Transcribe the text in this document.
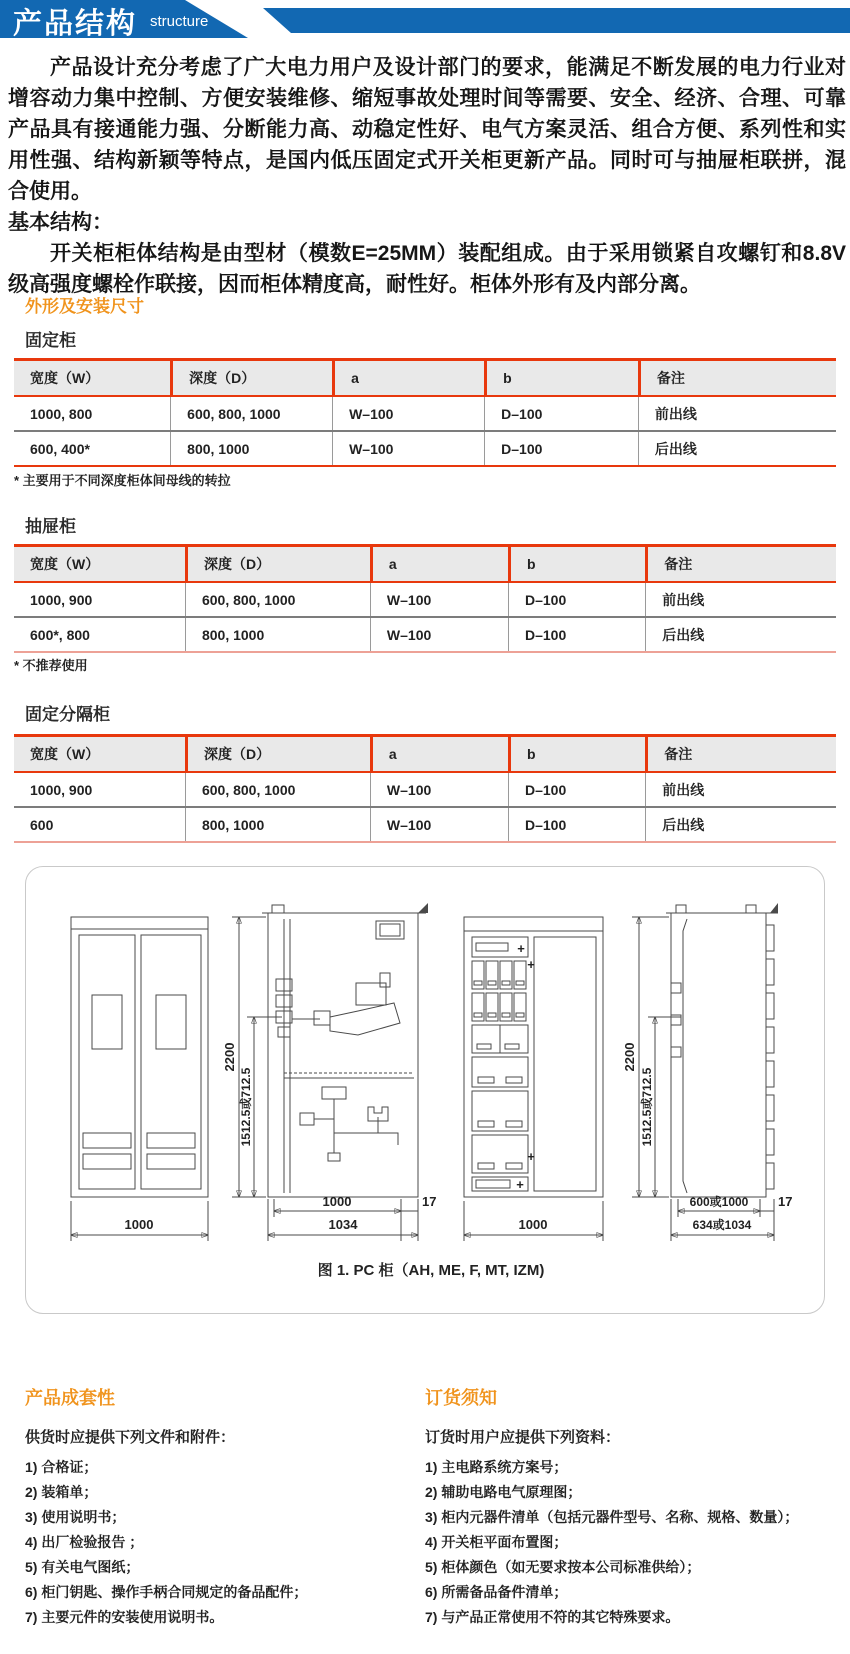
产品结构 structure

产品设计充分考虑了广大电力用户及设计部门的要求，能满足不断发展的电力行业对增容动力集中控制、方便安装维修、缩短事故处理时间等需要、安全、经济、合理、可靠产品具有接通能力强、分断能力高、动稳定性好、电气方案灵活、组合方便、系列性和实用性强、结构新颖等特点，是国内低压固定式开关柜更新产品。同时可与抽屉柜联拼，混合使用。

基本结构：

开关柜柜体结构是由型材（模数E=25MM）装配组成。由于采用锁紧自攻螺钉和8.8V级高强度螺栓作联接，因而柜体精度高，耐性好。柜体外形有及内部分离。

外形及安装尺寸
固定柜
宽度（W）	深度（D）	a	b	备注
1000, 800	600, 800, 1000	W–100	D–100	前出线
600, 400*	800, 1000	W–100	D–100	后出线
* 主要用于不同深度柜体间母线的转拉
抽屉柜
宽度（W）	深度（D）	a	b	备注
1000, 900	600, 800, 1000	W–100	D–100	前出线
600*, 800	800, 1000	W–100	D–100	后出线
* 不推荐使用
固定分隔柜
宽度（W）	深度（D）	a	b	备注
1000, 900	600, 800, 1000	W–100	D–100	前出线
600	800, 1000	W–100	D–100	后出线
1000
2200
1512.5或712.5
1000	17
1034
+
+
+
+
1000
2200
1512.5或712.5
600或1000 17
634或1034
图 1. PC 柜（AH, ME, F, MT, IZM)
产品成套性
供货时应提供下列文件和附件：
1) 合格证；
2) 装箱单；
3) 使用说明书；
4) 出厂检验报告 ；
5) 有关电气图纸；
6) 柜门钥匙、操作手柄合同规定的备品配件；
7) 主要元件的安装使用说明书。
订货须知
订货时用户应提供下列资料：
1) 主电路系统方案号；
2) 辅助电路电气原理图；
3) 柜内元器件清单（包括元器件型号、名称、规格、数量）；
4) 开关柜平面布置图；
5) 柜体颜色（如无要求按本公司标准供给）；
6) 所需备品备件清单；
7) 与产品正常使用不符的其它特殊要求。
